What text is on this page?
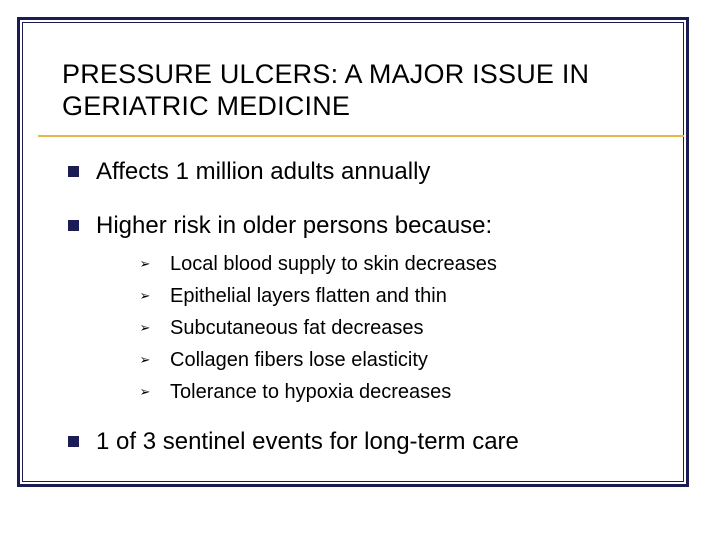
PRESSURE ULCERS: A MAJOR ISSUE IN GERIATRIC MEDICINE
Affects 1 million adults annually
Higher risk in older persons because:
➢ Local blood supply to skin decreases
➢ Epithelial layers flatten and thin
➢ Subcutaneous fat decreases
➢ Collagen fibers lose elasticity
➢ Tolerance to hypoxia decreases
1 of 3 sentinel events for long-term care
